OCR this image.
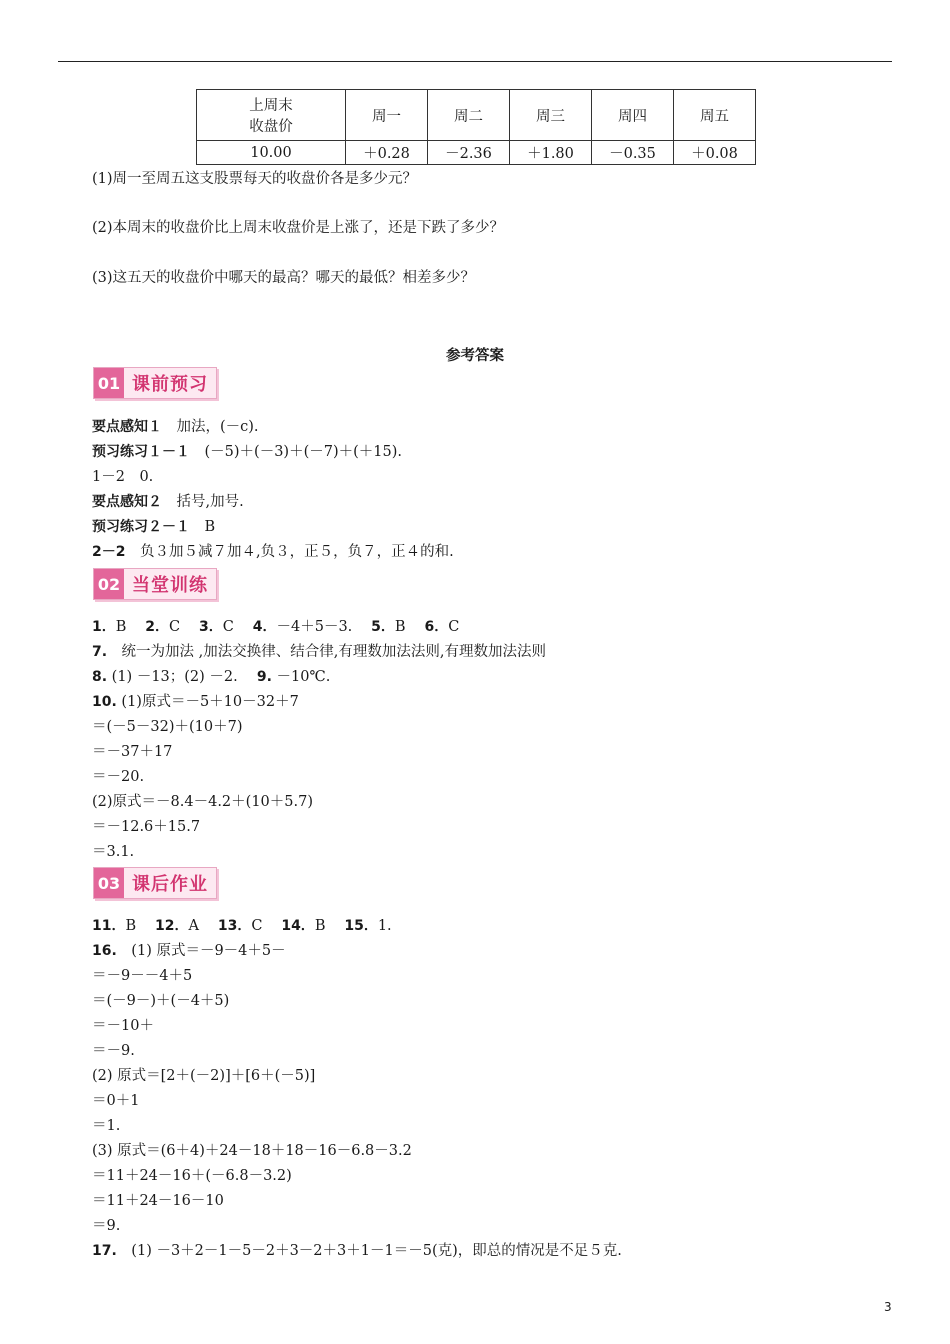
上周末
收盘价	周一	周二	周三	周四	周五
10.00	＋0.28	－2.36	＋1.80	－0.35	＋0.08
(1)周一至周五这支股票每天的收盘价各是多少元？
(2)本周末的收盘价比上周末收盘价是上涨了，还是下跌了多少？
(3)这五天的收盘价中哪天的最高？哪天的最低？相差多少？
参考答案
01 课前预习
02 当堂训练
03 课后作业
要点感知１　加法，(－c).
预习练习１－１　(－5)＋(－3)＋(－7)＋(＋15).
1－2　0.
要点感知２　括号,加号.
预习练习２－１　B
2－2　负３加５减７加４,负３，正５，负７，正４的和.
1．B　 2．C　 3．C　 4．－4＋5－3.　 5．B　 6．C
7.　统一为加法 ,加法交换律、结合律,有理数加法法则,有理数加法法则
8. (1) －13；(2) －2.　 9. －10℃.
10. (1)原式＝－5＋10－32＋7
＝(－5－32)＋(10＋7)
＝－37＋17
＝－20.
(2)原式＝－8.4－4.2＋(10＋5.7)
＝－12.6＋15.7
＝3.1.
11．B　 12．A　 13．C　 14．B　 15．1.
16.　(1) 原式＝－9－4＋5－
＝－9－－4＋5
＝(－9－)＋(－4＋5)
＝－10＋
＝－9.
(2) 原式＝[2＋(－2)]＋[6＋(－5)]
＝0＋1
＝1.
(3) 原式＝(6＋4)＋24－18＋18－16－6.8－3.2
＝11＋24－16＋(－6.8－3.2)
＝11＋24－16－10
＝9.
17.　(1) －3＋2－1－5－2＋3－2＋3＋1－1＝－5(克)，即总的情况是不足５克.
3
